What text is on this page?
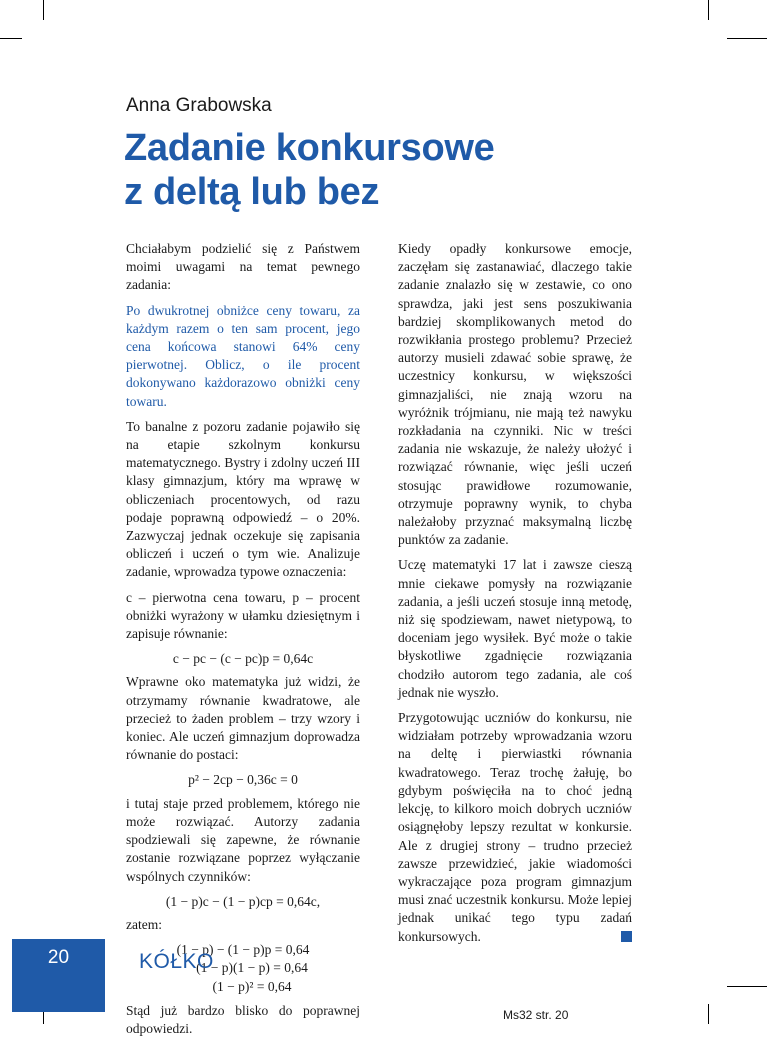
Anna Grabowska
Zadanie konkursowe
z deltą lub bez

Chciałabym podzielić się z Państwem moimi uwagami na temat pewnego zadania:

Po dwukrotnej obniżce ceny towaru, za każdym razem o ten sam procent, jego cena końcowa stanowi 64% ceny pierwotnej. Oblicz, o ile procent dokonywano każdorazowo obniżki ceny towaru.

To banalne z pozoru zadanie pojawiło się na etapie szkolnym konkursu matematycznego. Bystry i zdolny uczeń III klasy gimnazjum, który ma wprawę w obliczeniach procentowych, od razu podaje poprawną odpowiedź – o 20%. Zazwyczaj jednak oczekuje się zapisania obliczeń i uczeń o tym wie. Analizuje zadanie, wprowadza typowe oznaczenia:

c – pierwotna cena towaru, p – procent obniżki wyrażony w ułamku dziesiętnym i zapisuje równanie:

c − pc − (c − pc)p = 0,64c

Wprawne oko matematyka już widzi, że otrzymamy równanie kwadratowe, ale przecież to żaden problem – trzy wzory i koniec. Ale uczeń gimnazjum doprowadza równanie do postaci:

p² − 2cp − 0,36c = 0

i tutaj staje przed problemem, którego nie może rozwiązać. Autorzy zadania spodziewali się zapewne, że równanie zostanie rozwiązane poprzez wyłączanie wspólnych czynników:

(1 − p)c − (1 − p)cp = 0,64c,

zatem:

(1 − p) − (1 − p)p = 0,64
(1 − p)(1 − p) = 0,64
(1 − p)² = 0,64

Stąd już bardzo blisko do poprawnej odpowiedzi.

Kiedy opadły konkursowe emocje, zaczęłam się zastanawiać, dlaczego takie zadanie znalazło się w zestawie, co ono sprawdza, jaki jest sens poszukiwania bardziej skomplikowanych metod do rozwikłania prostego problemu? Przecież autorzy musieli zdawać sobie sprawę, że uczestnicy konkursu, w większości gimnazjaliści, nie znają wzoru na wyróżnik trójmianu, nie mają też nawyku rozkładania na czynniki. Nic w treści zadania nie wskazuje, że należy ułożyć i rozwiązać równanie, więc jeśli uczeń stosując prawidłowe rozumowanie, otrzymuje poprawny wynik, to chyba należałoby przyznać maksymalną liczbę punktów za zadanie.

Uczę matematyki 17 lat i zawsze cieszą mnie ciekawe pomysły na rozwiązanie zadania, a jeśli uczeń stosuje inną metodę, niż się spodziewam, nawet nietypową, to doceniam jego wysiłek. Być może o takie błyskotliwe zgadnięcie rozwiązania chodziło autorom tego zadania, ale coś jednak nie wyszło.

Przygotowując uczniów do konkursu, nie widziałam potrzeby wprowadzania wzoru na deltę i pierwiastki równania kwadratowego. Teraz trochę żałuję, bo gdybym poświęciła na to choć jedną lekcję, to kilkoro moich dobrych uczniów osiągnęłoby lepszy rezultat w konkursie. Ale z drugiej strony – trudno przecież zawsze przewidzieć, jakie wiadomości wykraczające poza program gimnazjum musi znać uczestnik konkursu. Może lepiej jednak unikać tego typu zadań konkursowych.

20	KÓŁKO
Ms32 str. 20
